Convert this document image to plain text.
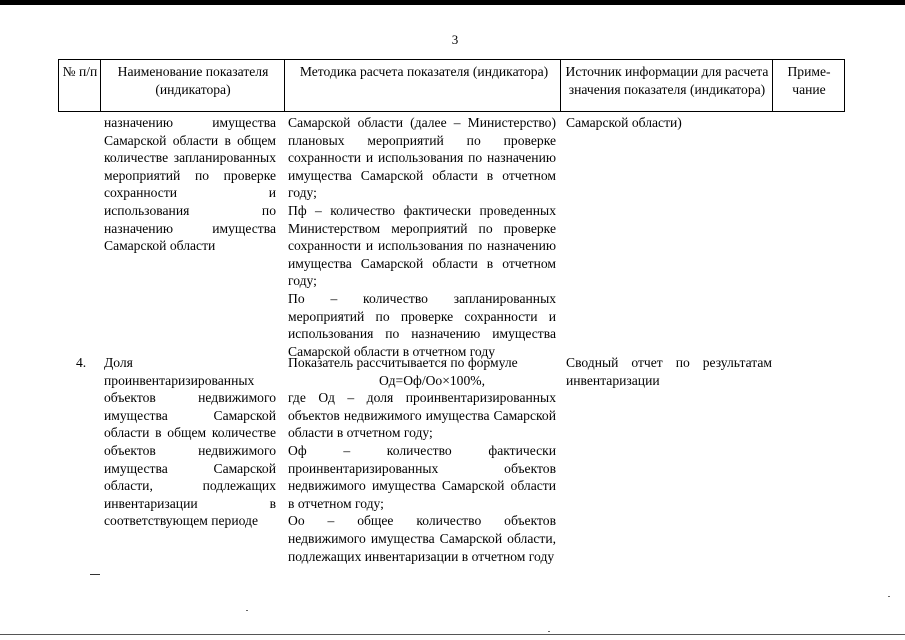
3
№ п/п	Наименование показателя (индикатора)
Методика расчета показателя (индикатора)	Источник информации для расчета значения показателя (индикатора)
Приме-чание
назначению имущества Самарской области в общем количестве запланированных мероприятий по проверке сохранности и использования по назначению имущества Самарской области

Самарской области (далее – Министерство) плановых мероприятий по проверке сохранности и использования по назначению имущества Самарской области в отчетном году;

Пф – количество фактически проведенных Министерством мероприятий по проверке сохранности и использования по назначению имущества Самарской области в отчетном году;

По – количество запланированных мероприятий по проверке сохранности и использования по назначению имущества Самарской области в отчетном году

Самарской области)
4. Доля проинвентаризированных объектов недвижимого имущества Самарской области в общем количестве объектов недвижимого имущества Самарской области, подлежащих инвентаризации в соответствующем периоде

Показатель рассчитывается по формуле

Од=Оф/Оо×100%,

где Од – доля проинвентаризированных объектов недвижимого имущества Самарской области в отчетном году;

Оф – количество фактически проинвентаризированных объектов недвижимого имущества Самарской области в отчетном году;

Оо – общее количество объектов недвижимого имущества Самарской области, подлежащих инвентаризации в отчетном году

Сводный отчет по результатам инвентаризации
